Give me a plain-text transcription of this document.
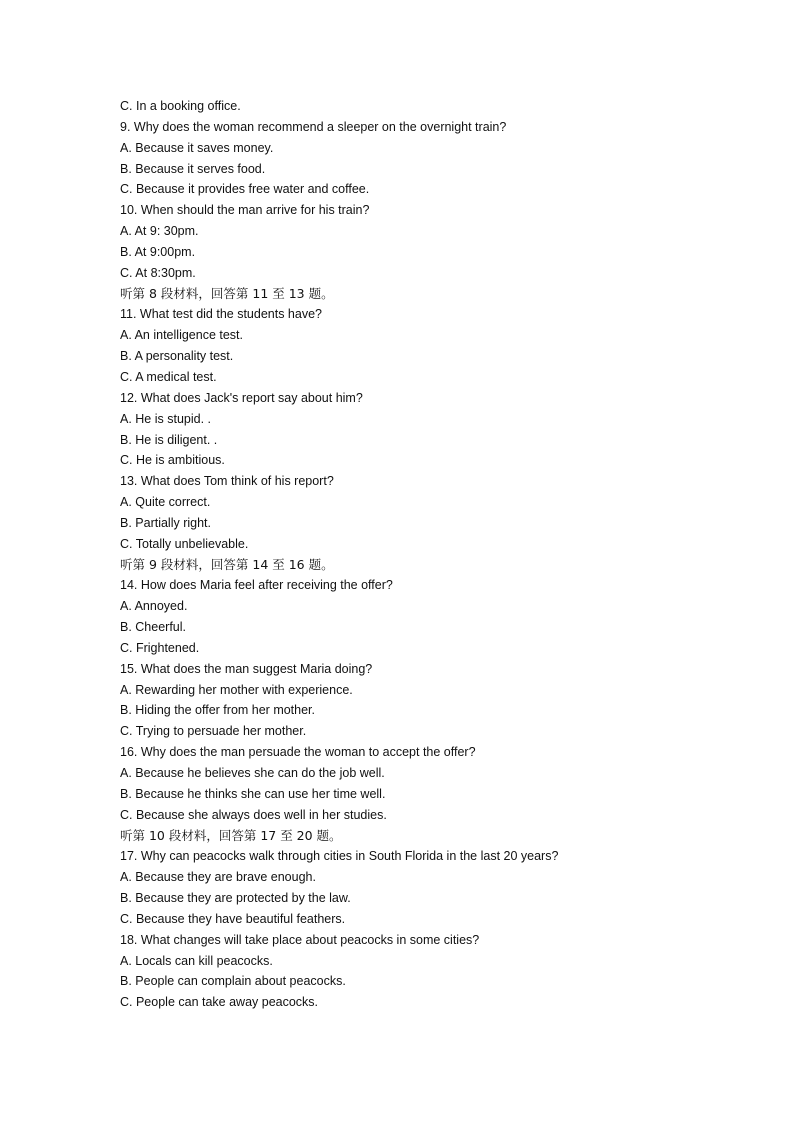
C. In a booking office.
9. Why does the woman recommend a sleeper on the overnight train?
A. Because it saves money.
B. Because it serves food.
C. Because it provides free water and coffee.
10. When should the man arrive for his train?
A. At 9: 30pm.
B. At 9:00pm.
C. At 8:30pm.
听第 8 段材料，回答第 11 至 13 题。
11. What test did the students have?
A. An intelligence test.
B. A personality test.
C. A medical test.
12. What does Jack's report say about him?
A. He is stupid. .
B. He is diligent. .
C. He is ambitious.
13. What does Tom think of his report?
A. Quite correct.
B. Partially right.
C. Totally unbelievable.
听第 9 段材料，回答第 14 至 16 题。
14. How does Maria feel after receiving the offer?
A. Annoyed.
B. Cheerful.
C. Frightened.
15. What does the man suggest Maria doing?
A. Rewarding her mother with experience.
B. Hiding the offer from her mother.
C. Trying to persuade her mother.
16. Why does the man persuade the woman to accept the offer?
A. Because he believes she can do the job well.
B. Because he thinks she can use her time well.
C. Because she always does well in her studies.
听第 10 段材料，回答第 17 至 20 题。
17. Why can peacocks walk through cities in South Florida in the last 20 years?
A. Because they are brave enough.
B. Because they are protected by the law.
C. Because they have beautiful feathers.
18. What changes will take place about peacocks in some cities?
A. Locals can kill peacocks.
B. People can complain about peacocks.
C. People can take away peacocks.
